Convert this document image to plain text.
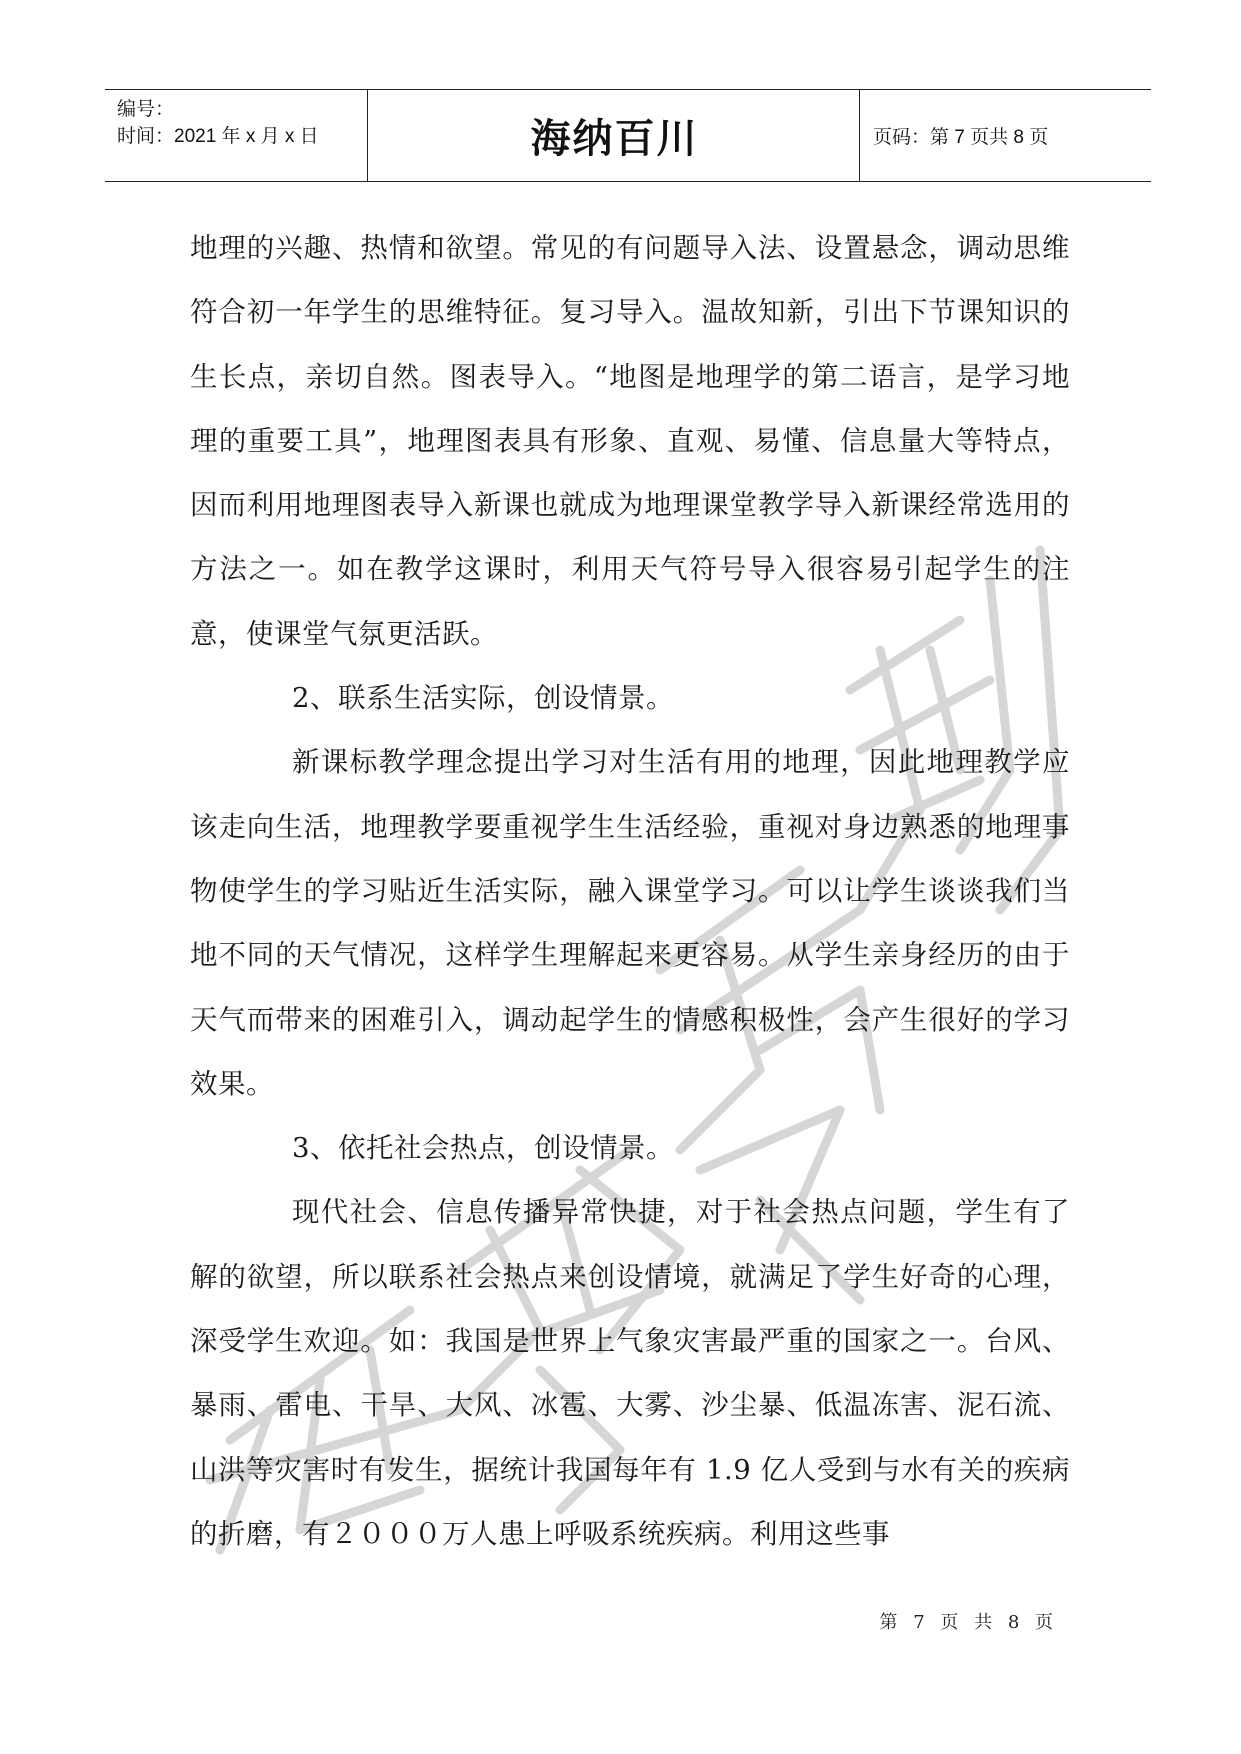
编号：
时间：2021 年 x 月 x 日	海纳百川	页码：第 7 页共 8 页

地理的兴趣、热情和欲望。常见的有问题导入法、设置悬念，调动思维符合初一年学生的思维特征。复习导入。温故知新，引出下节课知识的生长点，亲切自然。图表导入。“地图是地理学的第二语言，是学习地理的重要工具”，地理图表具有形象、直观、易懂、信息量大等特点，因而利用地理图表导入新课也就成为地理课堂教学导入新课经常选用的方法之一。如在教学这课时，利用天气符号导入很容易引起学生的注意，使课堂气氛更活跃。

2、联系生活实际，创设情景。

新课标教学理念提出学习对生活有用的地理，因此地理教学应该走向生活，地理教学要重视学生生活经验，重视对身边熟悉的地理事物使学生的学习贴近生活实际，融入课堂学习。可以让学生谈谈我们当地不同的天气情况，这样学生理解起来更容易。从学生亲身经历的由于天气而带来的困难引入，调动起学生的情感积极性，会产生很好的学习效果。

3、依托社会热点，创设情景。

现代社会、信息传播异常快捷，对于社会热点问题，学生有了解的欲望，所以联系社会热点来创设情境，就满足了学生好奇的心理，深受学生欢迎。如：我国是世界上气象灾害最严重的国家之一。台风、暴雨、雷电、干旱、大风、冰雹、大雾、沙尘暴、低温冻害、泥石流、山洪等灾害时有发生，据统计我国每年有 1.9 亿人受到与水有关的疾病的折磨，有２０００万人患上呼吸系统疾病。利用这些事

第 7 页 共 8 页
